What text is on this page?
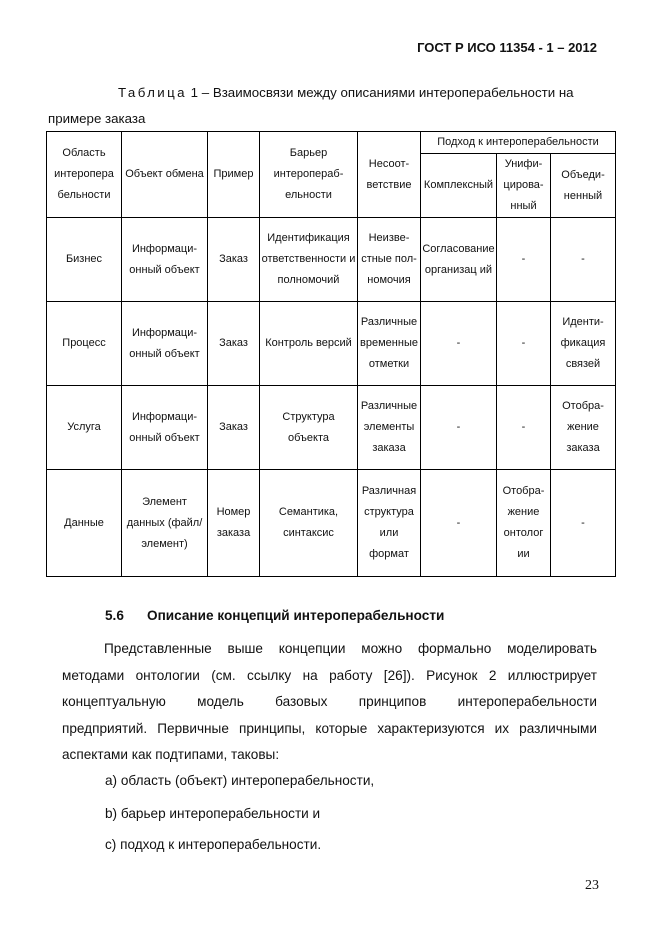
ГОСТ Р ИСО 11354 - 1 – 2012
Таблица 1 – Взаимосвязи между описаниями интероперабельности на
примере заказа
Область интеропера бельности	Объект обмена	Пример	Барьер интероперабельности	Несоответствие	Подход к интероперабельности		
					Комплексный	Унифицированный	Объединенный
Бизнес	Информационный объект	Заказ	Идентификация ответственности и полномочий	Неизвестные полномочия	Согласование организац ий	-	-
Процесс	Информационный объект	Заказ	Контроль версий	Различные временные отметки	-	-	Идентификация связей
Услуга	Информационный объект	Заказ	Структура объекта	Различные элементы заказа	-	-	Отображение заказа
Данные	Элемент данных (файл/ элемент)	Номер заказа	Семантика, синтаксис	Различная структура или формат	-	Отображение онтолог ии	-
5.6 Описание концепций интероперабельности
Представленные выше концепции можно формально моделировать
методами онтологии (см. ссылку на работу [26]). Рисунок 2 иллюстрирует
концептуальную модель базовых принципов интероперабельности
предприятий. Первичные принципы, которые характеризуются их различными
аспектами как подтипами, таковы:
а) область (объект) интероперабельности,
b) барьер интероперабельности и
с) подход к интероперабельности.
23
